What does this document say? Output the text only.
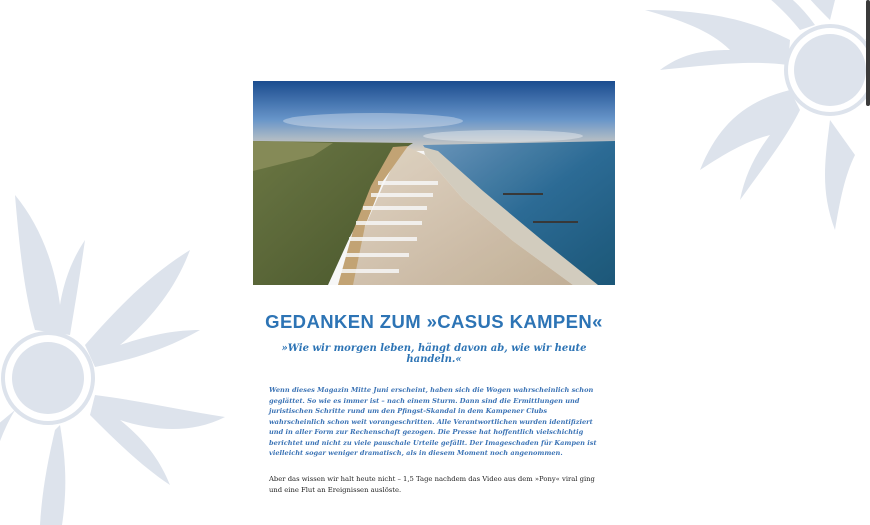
GEDANKEN ZUM »CASUS KAMPEN«
»Wie wir morgen leben, hängt davon ab, wie wir heute handeln.«
Wenn dieses Magazin Mitte Juni erscheint, haben sich die Wogen wahrscheinlich schon geglättet. So wie es immer ist – nach einem Sturm. Dann sind die Ermittlungen und juristischen Schritte rund um den Pfingst-Skandal in dem Kampener Clubs wahrscheinlich schon weit vorangeschritten. Alle Verantwortlichen wurden identifiziert und in aller Form zur Rechenschaft gezogen. Die Presse hat hoffentlich vielschichtig berichtet und nicht zu viele pauschale Urteile gefällt. Der Imageschaden für Kampen ist vielleicht sogar weniger dramatisch, als in diesem Moment noch angenommen.
Aber das wissen wir halt heute nicht – 1,5 Tage nachdem das Video aus dem »Pony« viral ging und eine Flut an Ereignissen auslöste.
